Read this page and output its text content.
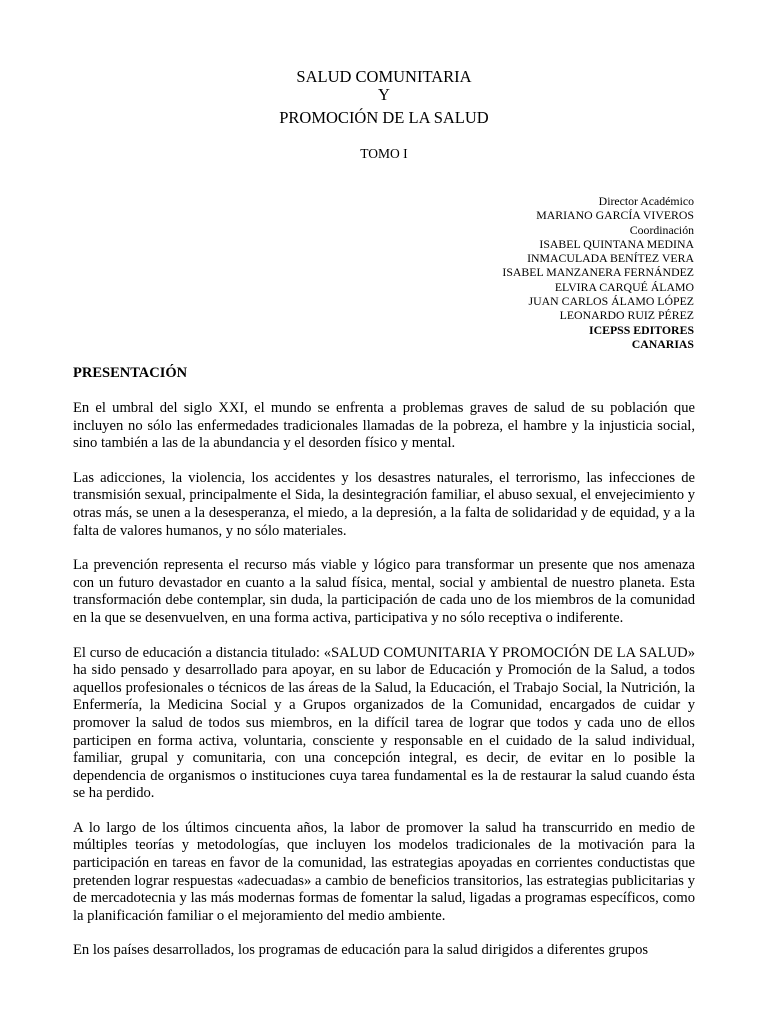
SALUD COMUNITARIA
Y
PROMOCIÓN DE LA SALUD
TOMO I
Director Académico
MARIANO GARCÍA VIVEROS
Coordinación
ISABEL QUINTANA MEDINA
INMACULADA BENÍTEZ VERA
ISABEL MANZANERA FERNÁNDEZ
ELVIRA CARQUÉ ÁLAMO
JUAN CARLOS ÁLAMO LÓPEZ
LEONARDO RUIZ PÉREZ
ICEPSS EDITORES
CANARIAS
PRESENTACIÓN

En el umbral del siglo XXI, el mundo se enfrenta a problemas graves de salud de su población que incluyen no sólo las enfermedades tradicionales llamadas de la pobreza, el hambre y la injusticia social, sino también a las de la abundancia y el desorden físico y mental.

Las adicciones, la violencia, los accidentes y los desastres naturales, el terrorismo, las infecciones de transmisión sexual, principalmente el Sida, la desintegración familiar, el abuso sexual, el envejecimiento y otras más, se unen a la desesperanza, el miedo, a la depresión, a la falta de solidaridad y de equidad, y a la falta de valores humanos, y no sólo materiales.

La prevención representa el recurso más viable y lógico para transformar un presente que nos amenaza con un futuro devastador en cuanto a la salud física, mental, social y ambiental de nuestro planeta. Esta transformación debe contemplar, sin duda, la participación de cada uno de los miembros de la comunidad en la que se desenvuelven, en una forma activa, participativa y no sólo receptiva o indiferente.

El curso de educación a distancia titulado: «SALUD COMUNITARIA Y PROMOCIÓN DE LA SALUD» ha sido pensado y desarrollado para apoyar, en su labor de Educación y Promoción de la Salud, a todos aquellos profesionales o técnicos de las áreas de la Salud, la Educación, el Trabajo Social, la Nutrición, la Enfermería, la Medicina Social y a Grupos organizados de la Comunidad, encargados de cuidar y promover la salud de todos sus miembros, en la difícil tarea de lograr que todos y cada uno de ellos participen en forma activa, voluntaria, consciente y responsable en el cuidado de la salud individual, familiar, grupal y comunitaria, con una concepción integral, es decir, de evitar en lo posible la dependencia de organismos o instituciones cuya tarea fundamental es la de restaurar la salud cuando ésta se ha perdido.

A lo largo de los últimos cincuenta años, la labor de promover la salud ha transcurrido en medio de múltiples teorías y metodologías, que incluyen los modelos tradicionales de la motivación para la participación en tareas en favor de la comunidad, las estrategias apoyadas en corrientes conductistas que pretenden lograr respuestas «adecuadas» a cambio de beneficios transitorios, las estrategias publicitarias y de mercadotecnia y las más modernas formas de fomentar la salud, ligadas a programas específicos, como la planificación familiar o el mejoramiento del medio ambiente.

En los países desarrollados, los programas de educación para la salud dirigidos a diferentes grupos
